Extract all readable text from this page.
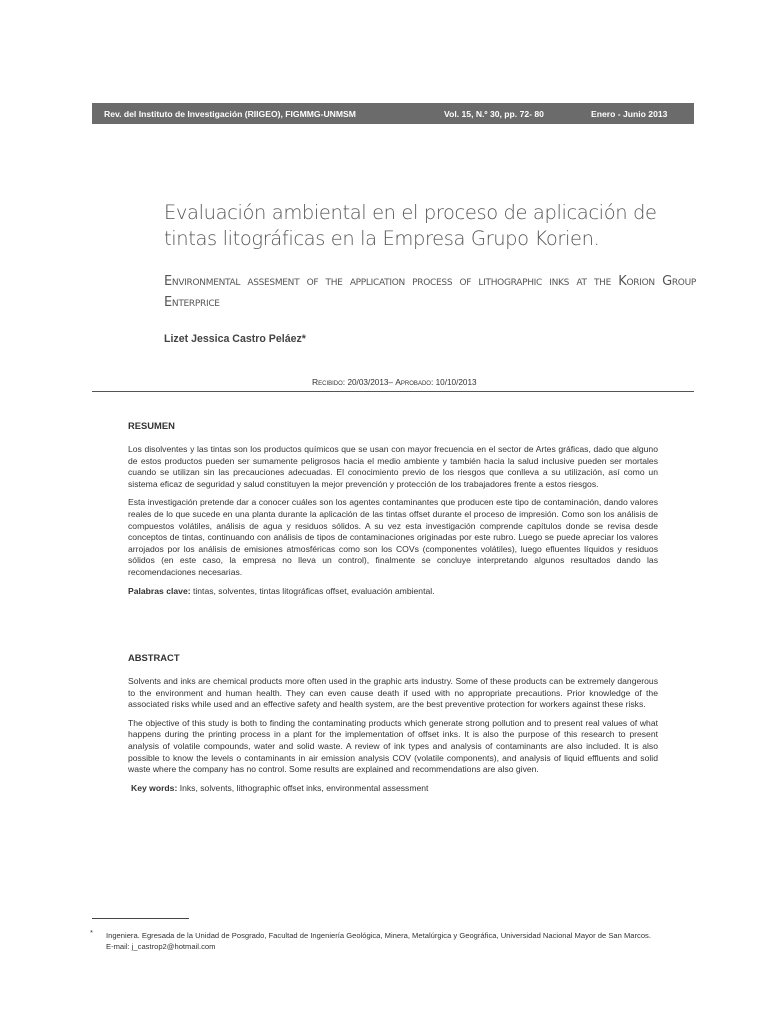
Rev. del Instituto de Investigación (RIIGEO), FIGMMG-UNMSM	Vol. 15, N.º 30, pp. 72- 80	Enero - Junio 2013
Evaluación ambiental en el proceso de aplicación de tintas litográficas en la Empresa Grupo Korien.

Environmental assesment of the application process of lithographic inks at the Korion Group Enterprice

Lizet Jessica Castro Peláez*
Recibido: 20/03/2013– Aprobado: 10/10/2013
RESUMEN

Los disolventes y las tintas son los productos químicos que se usan con mayor frecuencia en el sector de Artes gráficas, dado que alguno de estos productos pueden ser sumamente peligrosos hacia el medio ambiente y también hacia la salud inclusive pueden ser mortales cuando se utilizan sin las precauciones adecuadas. El conocimiento previo de los riesgos que conlleva a su utilización, así como un sistema eficaz de seguridad y salud constituyen la mejor prevención y protección de los trabajadores frente a estos riesgos.

Esta investigación pretende dar a conocer cuáles son los agentes contaminantes que producen este tipo de contaminación, dando valores reales de lo que sucede en una planta durante la aplicación de las tintas offset durante el proceso de impresión. Como son los análisis de compuestos volátiles, análisis de agua y residuos sólidos. A su vez esta investigación comprende capítulos donde se revisa desde conceptos de tintas, continuando con análisis de tipos de contaminaciones originadas por este rubro. Luego se puede apreciar los valores arrojados por los análisis de emisiones atmosféricas como son los COVs (componentes volátiles), luego efluentes líquidos y residuos sólidos (en este caso, la empresa no lleva un control), finalmente se concluye interpretando algunos resultados dando las recomendaciones necesarias.

Palabras clave: tintas, solventes, tintas litográficas offset, evaluación ambiental.
ABSTRACT

Solvents and inks are chemical products more often used in the graphic arts industry. Some of these products can be extremely dangerous to the environment and human health. They can even cause death if used with no appropriate precautions. Prior knowledge of the associated risks while used and an effective safety and health system, are the best preventive protection for workers against these risks.

The objective of this study is both to finding the contaminating products which generate strong pollution and to present real values of what happens during the printing process in a plant for the implementation of offset inks. It is also the purpose of this research to present analysis of volatile compounds, water and solid waste. A review of ink types and analysis of contaminants are also included. It is also possible to know the levels o contaminants in air emission analysis COV (volatile components), and analysis of liquid effluents and solid waste where the company has no control. Some results are explained and recommendations are also given.

Key words: Inks, solvents, lithographic offset inks, environmental assessment
* Ingeniera. Egresada de la Unidad de Posgrado, Facultad de Ingeniería Geológica, Minera, Metalúrgica y Geográfica, Universidad Nacional Mayor de San Marcos.
E-mail: j_castrop2@hotmail.com
